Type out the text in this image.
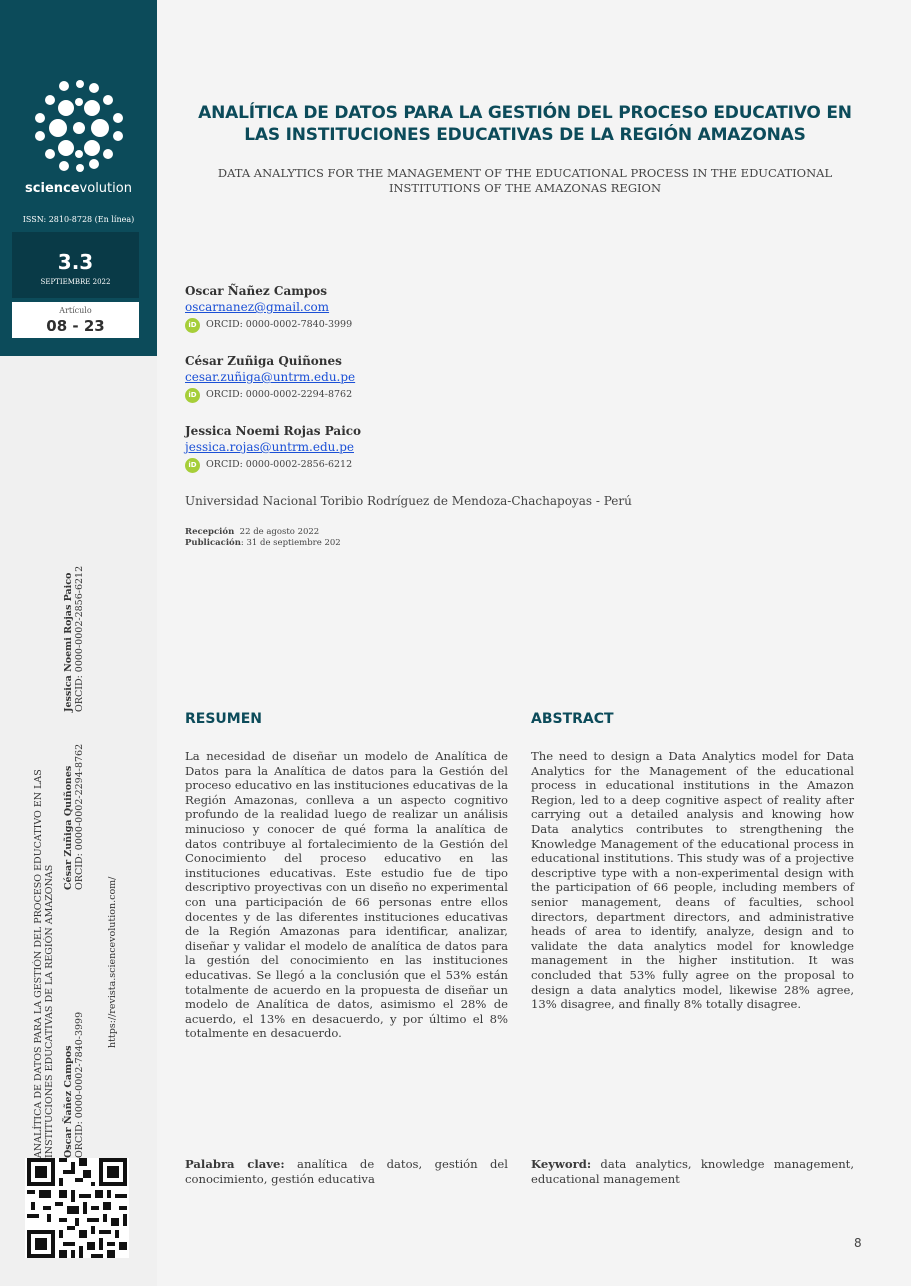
sciencevolution
ISSN: 2810-8728 (En línea)
3.3
SEPTIEMBRE 2022
Artículo
08 - 23
ANALÍTICA DE DATOS PARA LA GESTIÓN DEL PROCESO EDUCATIVO EN LAS INSTITUCIONES EDUCATIVAS DE LA REGIÓN AMAZONAS Oscar Ñañez Campos ORCID: 0000-0002-7840-3999
César Zuñiga Quiñones ORCID: 0000-0002-2294-8762
Jessica Noemi Rojas Paico ORCID: 0000-0002-2856-6212
https://revista.sciencevolution.com/
ANALÍTICA DE DATOS PARA LA GESTIÓN DEL PROCESO EDUCATIVO EN LAS INSTITUCIONES EDUCATIVAS DE LA REGIÓN AMAZONAS
DATA ANALYTICS FOR THE MANAGEMENT OF THE EDUCATIONAL PROCESS IN THE EDUCATIONAL INSTITUTIONS OF THE AMAZONAS REGION
Oscar Ñañez Campos
oscarnanez@gmail.com
iD ORCID: 0000-0002-7840-3999
César Zuñiga Quiñones
cesar.zuñiga@untrm.edu.pe
iD ORCID: 0000-0002-2294-8762
Jessica Noemi Rojas Paico
jessica.rojas@untrm.edu.pe
iD ORCID: 0000-0002-2856-6212
Universidad Nacional Toribio Rodríguez de Mendoza-Chachapoyas - Perú
Recepción 22 de agosto 2022
Publicación: 31 de septiembre 202
RESUMEN
La necesidad de diseñar un modelo de Analítica de Datos para la Analítica de datos para la Gestión del proceso educativo en las instituciones educativas de la Región Amazonas, conlleva a un aspecto cognitivo profundo de la realidad luego de realizar un análisis minucioso y conocer de qué forma la analítica de datos contribuye al fortalecimiento de la Gestión del Conocimiento del proceso educativo en las instituciones educativas. Este estudio fue de tipo descriptivo proyectivas con un diseño no experimental con una participación de 66 personas entre ellos docentes y de las diferentes instituciones educativas de la Región Amazonas para identificar, analizar, diseñar y validar el modelo de analítica de datos para la gestión del conocimiento en las instituciones educativas. Se llegó a la conclusión que el 53% están totalmente de acuerdo en la propuesta de diseñar un modelo de Analítica de datos, asimismo el 28% de acuerdo, el 13% en desacuerdo, y por último el 8% totalmente en desacuerdo.
Palabra clave: analítica de datos, gestión del conocimiento, gestión educativa
ABSTRACT
The need to design a Data Analytics model for Data Analytics for the Management of the educational process in educational institutions in the Amazon Region, led to a deep cognitive aspect of reality after carrying out a detailed analysis and knowing how Data analytics contributes to strengthening the Knowledge Management of the educational process in educational institutions. This study was of a projective descriptive type with a non-experimental design with the participation of 66 people, including members of senior management, deans of faculties, school directors, department directors, and administrative heads of area to identify, analyze, design and to validate the data analytics model for knowledge management in the higher institution. It was concluded that 53% fully agree on the proposal to design a data analytics model, likewise 28% agree, 13% disagree, and finally 8% totally disagree.
Keyword: data analytics, knowledge management, educational management
8
